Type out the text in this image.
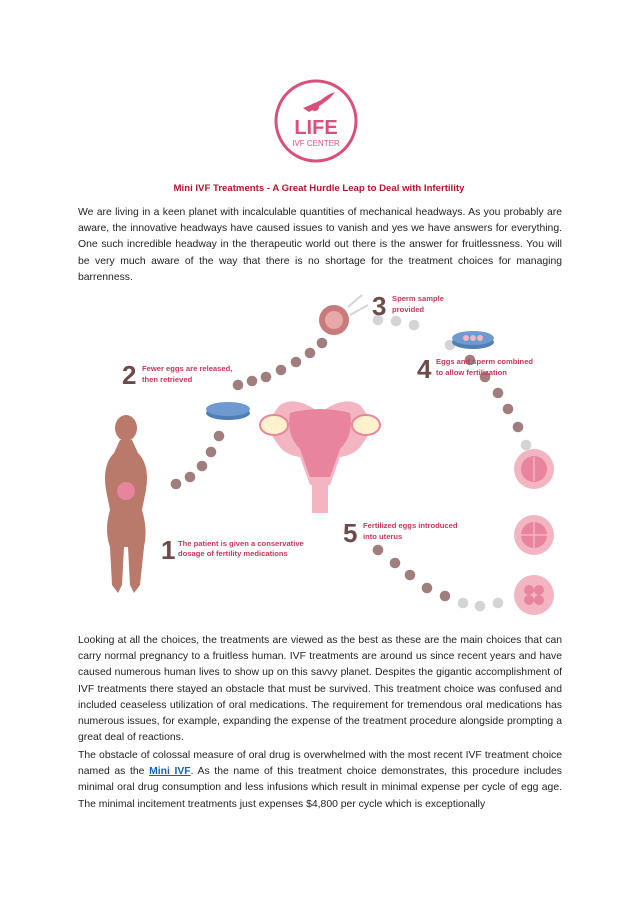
LIFE
IVF CENTER
Mini IVF Treatments - A Great Hurdle Leap to Deal with Infertility

We are living in a keen planet with incalculable quantities of mechanical headways. As you probably are aware, the innovative headways have caused issues to vanish and yes we have answers for everything. One such incredible headway in the therapeutic world out there is the answer for fruitlessness. You will be very much aware of the way that there is no shortage for the treatment choices for managing barrenness.

1 The patient is given a conservative
dosage of fertility medications
2 Fewer eggs are released,
then retrieved
3 Sperm sample
provided
4 Eggs and sperm combined
to allow fertilization
5 Fertilized eggs introduced
into uterus

Looking at all the choices, the treatments are viewed as the best as these are the main choices that can carry normal pregnancy to a fruitless human. IVF treatments are around us since recent years and have caused numerous human lives to show up on this savvy planet. Despites the gigantic accomplishment of IVF treatments there stayed an obstacle that must be survived. This treatment choice was confused and included ceaseless utilization of oral medications. The requirement for tremendous oral medications has numerous issues, for example, expanding the expense of the treatment procedure alongside prompting a great deal of reactions.

The obstacle of colossal measure of oral drug is overwhelmed with the most recent IVF treatment choice named as the Mini IVF. As the name of this treatment choice demonstrates, this procedure includes minimal oral drug consumption and less infusions which result in minimal expense per cycle of egg age. The minimal incitement treatments just expenses $4,800 per cycle which is exceptionally
